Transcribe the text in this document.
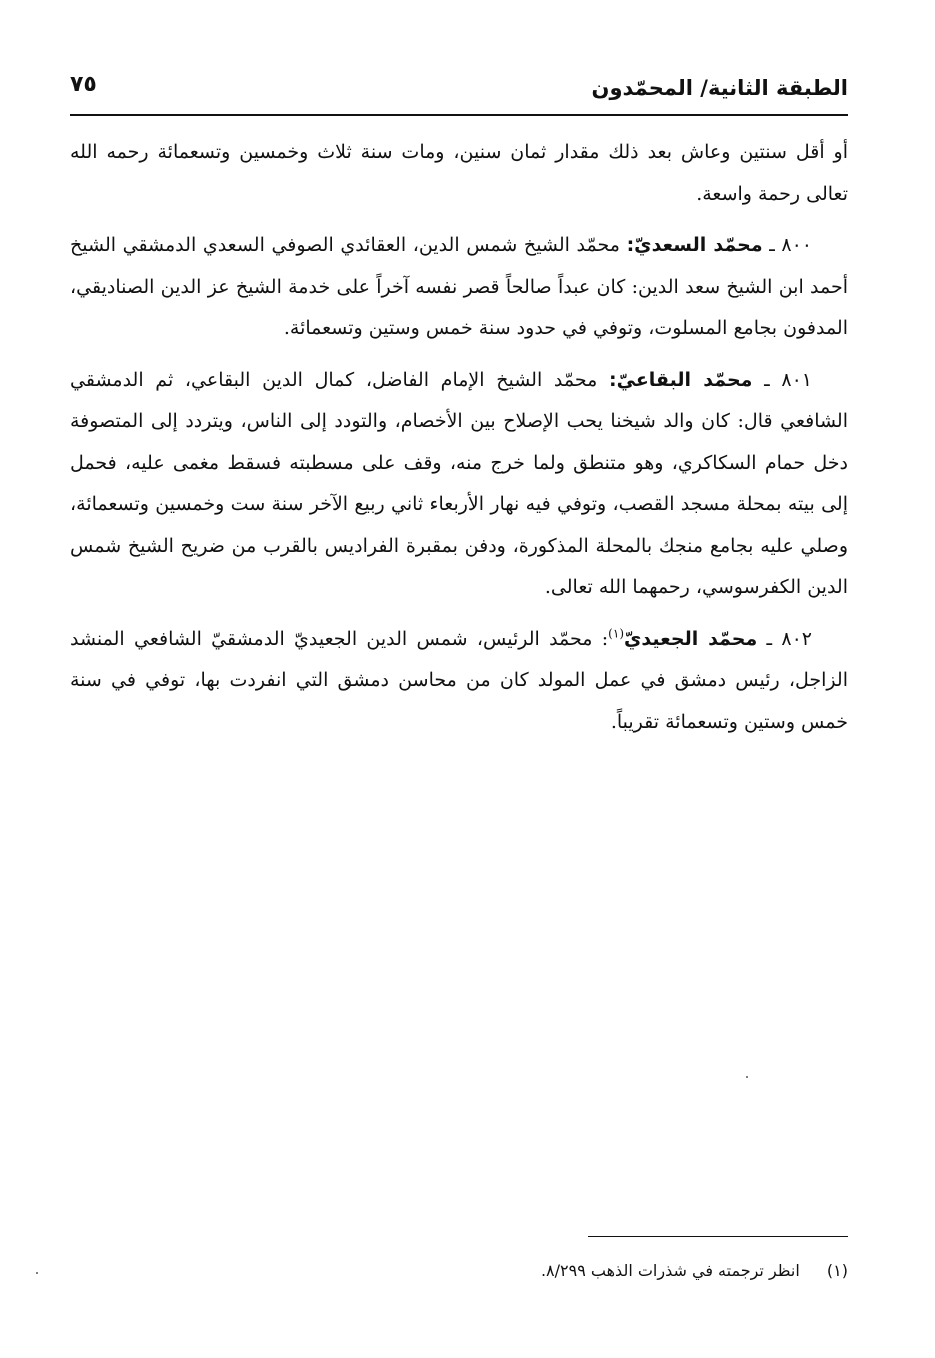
الطبقة الثانية/ المحمّدون
٧٥

أو أقل سنتين وعاش بعد ذلك مقدار ثمان سنين، ومات سنة ثلاث وخمسين وتسعمائة رحمه الله تعالى رحمة واسعة.

٨٠٠ ـ محمّد السعديّ: محمّد الشيخ شمس الدين، العقائدي الصوفي السعدي الدمشقي الشيخ أحمد ابن الشيخ سعد الدين: كان عبداً صالحاً قصر نفسه آخراً على خدمة الشيخ عز الدين الصناديقي، المدفون بجامع المسلوت، وتوفي في حدود سنة خمس وستين وتسعمائة.

٨٠١ ـ محمّد البقاعيّ: محمّد الشيخ الإمام الفاضل، كمال الدين البقاعي، ثم الدمشقي الشافعي قال: كان والد شيخنا يحب الإصلاح بين الأخصام، والتودد إلى الناس، ويتردد إلى المتصوفة دخل حمام السكاكري، وهو متنطق ولما خرج منه، وقف على مسطبته فسقط مغمى عليه، فحمل إلى بيته بمحلة مسجد القصب، وتوفي فيه نهار الأربعاء ثاني ربيع الآخر سنة ست وخمسين وتسعمائة، وصلي عليه بجامع منجك بالمحلة المذكورة، ودفن بمقبرة الفراديس بالقرب من ضريح الشيخ شمس الدين الكفرسوسي، رحمهما الله تعالى.

٨٠٢ ـ محمّد الجعيديّ$^{(١)}$: محمّد الرئيس، شمس الدين الجعيديّ الدمشقيّ الشافعي المنشد الزاجل، رئيس دمشق في عمل المولد كان من محاسن دمشق التي انفردت بها، توفي في سنة خمس وستين وتسعمائة تقريباً.

(١) انظر ترجمته في شذرات الذهب ٨/٢٩٩.
